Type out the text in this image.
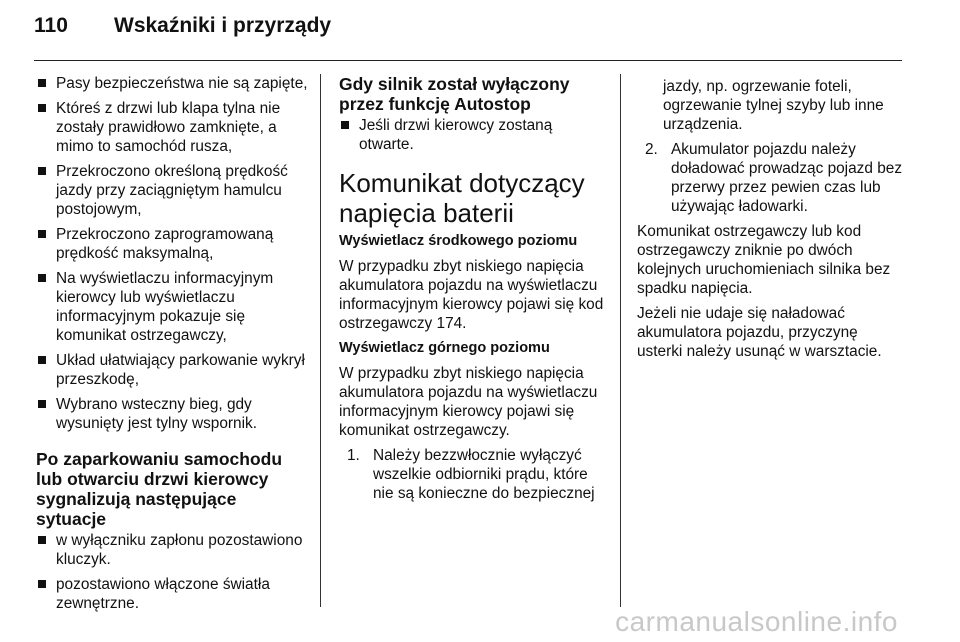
110 Wskaźniki i przyrządy
Pasy bezpieczeństwa nie są zapięte,
Któreś z drzwi lub klapa tylna nie zostały prawidłowo zamknięte, a mimo to samochód rusza,
Przekroczono określoną prędkość jazdy przy zaciągniętym hamulcu postojowym,
Przekroczono zaprogramowaną prędkość maksymalną,
Na wyświetlaczu informacyjnym kierowcy lub wyświetlaczu informacyjnym pokazuje się komunikat ostrzegawczy,
Układ ułatwiający parkowanie wykrył przeszkodę,
Wybrano wsteczny bieg, gdy wysunięty jest tylny wspornik.
Po zaparkowaniu samochodu lub otwarciu drzwi kierowcy sygnalizują następujące sytuacje
w wyłączniku zapłonu pozostawiono kluczyk.
pozostawiono włączone światła zewnętrzne.
Gdy silnik został wyłączony przez funkcję Autostop
Jeśli drzwi kierowcy zostaną otwarte.
Komunikat dotyczący napięcia baterii
Wyświetlacz środkowego poziomu

W przypadku zbyt niskiego napięcia akumulatora pojazdu na wyświetlaczu informacyjnym kierowcy pojawi się kod ostrzegawczy 174.

Wyświetlacz górnego poziomu

W przypadku zbyt niskiego napięcia akumulatora pojazdu na wyświetlaczu informacyjnym kierowcy pojawi się komunikat ostrzegawczy.

1. Należy bezzwłocznie wyłączyć wszelkie odbiorniki prądu, które nie są konieczne do bezpiecznej

jazdy, np. ogrzewanie foteli, ogrzewanie tylnej szyby lub inne urządzenia.

2. Akumulator pojazdu należy doładować prowadząc pojazd bez przerwy przez pewien czas lub używając ładowarki.

Komunikat ostrzegawczy lub kod ostrzegawczy zniknie po dwóch kolejnych uruchomieniach silnika bez spadku napięcia.

Jeżeli nie udaje się naładować akumulatora pojazdu, przyczynę usterki należy usunąć w warsztacie.

carmanualsonline.info
